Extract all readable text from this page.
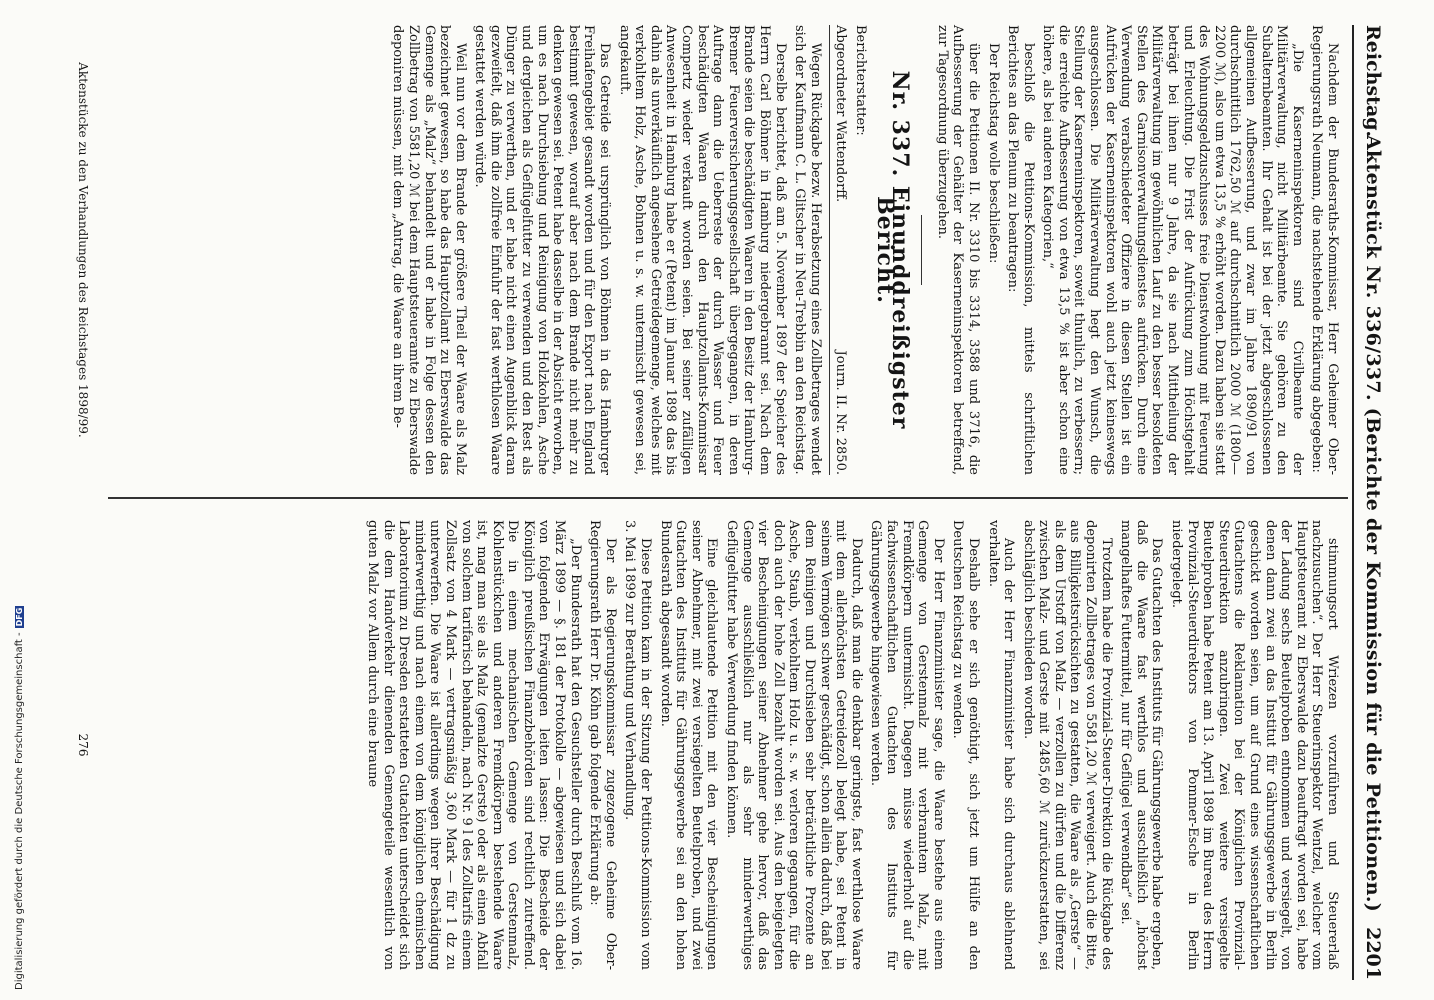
Reichstag.
Aktenstück Nr. 336/337. (Berichte der Kommission für die Petitionen.)
2201

Nachdem der Bundesraths-Kommissar, Herr Geheimer Ober-Regierungsrath Neumann, die nachstehende Erklärung abgegeben:

„Die Kaserneninspektoren sind Civilbeamte der Militärverwaltung, nicht Militärbeamte. Sie gehören zu den Subalternbeamten. Ihr Gehalt ist bei der jetzt abgeschlossenen allgemeinen Aufbesserung, und zwar im Jahre 1890/91 von durchschnittlich 1762,50 ℳ auf durchschnittlich 2000 ℳ (1800—2200 ℳ), also um etwa 13,5 % erhöht worden. Dazu haben sie statt des Wohnungsgeldzuschusses freie Dienstwohnung mit Feuerung und Erleuchtung. Die Frist der Aufrückung zum Höchstgehalt beträgt bei ihnen nur 9 Jahre, da sie nach Mittheilung der Militärverwaltung im gewöhnlichen Lauf zu den besser besoldeten Stellen des Garnisonverwaltungsdienstes aufrücken. Durch eine Verwendung verabschiedeter Offiziere in diesen Stellen ist ein Aufrücken der Kaserneninspektoren wohl auch jetzt keineswegs ausgeschlossen. Die Militärverwaltung hegt den Wunsch, die Stellung der Kaserneninspektoren, soweit thunlich, zu verbessern; die erreichte Aufbesserung von etwa 13,5 % ist aber schon eine höhere, als bei anderen Kategorien,“

beschloß die Petitions-Kommission, mittels schriftlichen Berichtes an das Plenum zu beantragen:

Der Reichstag wolle beschließen:

über die Petitionen II. Nr. 3310 bis 3314, 3588 und 3716, die Aufbesserung der Gehälter der Kaserneninspektoren betreffend, zur Tagesordnung überzugehen.

Nr. 337. Einunddreißigster Bericht.

Berichterstatter:

Abgeordneter Wattendorff.
Journ. II. Nr. 2850.

Wegen Rückgabe bezw. Herabsetzung eines Zollbetrages wendet sich der Kaufmann C. L. Glitscher in Neu-Trebbin an den Reichstag.

Derselbe berichtet, daß am 5. November 1897 der Speicher des Herrn Carl Böhmer in Hamburg niedergebrannt sei. Nach dem Brande seien die beschädigten Waaren in den Besitz der Hamburg-Bremer Feuerversicherungsgesellschaft übergegangen, in deren Auftrage dann die Ueberreste der durch Wasser und Feuer beschädigten Waaren durch den Hauptzollamts-Kommissar Compertz wieder verkauft worden seien. Bei seiner zufälligen Anwesenheit in Hamburg habe er (Petent) im Januar 1898 das bis dahin als unverkäuflich angesehene Getreidegemenge, welches mit verkohltem Holz, Asche, Bohnen u. s. w. untermischt gewesen sei, angekauft.

Das Getreide sei ursprünglich von Böhmen in das Hamburger Freihafengebiet gesandt worden und für den Export nach England bestimmt gewesen, worauf aber nach dem Brande nicht mehr zu denken gewesen sei. Petent habe dasselbe in der Absicht erworben, um es nach Durchsiebung und Reinigung von Holzkohlen, Asche und dergleichen als Geflügelfutter zu verwenden und den Rest als Dünger zu verwerthen, und er habe nicht einen Augenblick daran gezweifelt, daß ihm die zollfreie Einfuhr der fast werthlosen Waare gestattet werden würde.

Weil nun vor dem Brande der größere Theil der Waare als Malz bezeichnet gewesen, so habe das Hauptzollamt zu Eberswalde das Gemenge als „Malz“ behandelt und er habe in Folge dessen den Zollbetrag von 5581,20 ℳ bei dem Hauptsteueramte zu Eberswalde deponiren müssen, mit dem „Antrag, die Waare an ihrem Be-

Aktenstücke zu den Verhandlungen des Reichstages 1898/99.

stimmungsort Wriezen vorzuführen und Steuererlaß nachzusuchen“. Der Herr Steuerinspektor Wentzel, welcher vom Hauptsteueramt zu Eberswalde dazu beauftragt worden sei, habe der Ladung sechs Beutelproben entnommen und versiegelt, von denen dann zwei an das Institut für Gährungsgewerbe in Berlin geschickt worden seien, um auf Grund eines wissenschaftlichen Gutachtens die Reklamation bei der Königlichen Provinzial-Steuerdirektion anzubringen. Zwei weitere versiegelte Beutelproben habe Petent am 13. April 1898 im Bureau des Herrn Provinzial-Steuerdirektors von Pommer-Esche in Berlin niedergelegt.

Das Gutachten des Instituts für Gährungsgewerbe habe ergeben, daß die Waare fast werthlos und ausschließlich „höchst mangelhaftes Futtermittel, nur für Geflügel verwendbar“ sei.

Trotzdem habe die Provinzial-Steuer-Direktion die Rückgabe des deponirten Zollbetrages von 5581,20 ℳ verweigert. Auch die Bitte, aus Billigkeitsrücksichten zu gestatten, die Waare als „Gerste“ — als dem Urstoff von Malz — verzollen zu dürfen und die Differenz zwischen Malz- und Gerste mit 2485,60 ℳ zurückzuerstatten, sei abschläglich beschieden worden.

Auch der Herr Finanzminister habe sich durchaus ablehnend verhalten.

Deshalb sehe er sich genöthigt, sich jetzt um Hülfe an den Deutschen Reichstag zu wenden.

Der Herr Finanzminister sage, die Waare bestehe aus einem Gemenge von Gerstenmalz mit verbranntem Malz, mit Fremdkörpern untermischt. Dagegen müsse wiederholt auf die fachwissenschaftlichen Gutachten des Instituts für Gährungsgewerbe hingewiesen werden.

Dadurch, daß man die denkbar geringste, fast werthlose Waare mit dem allerhöchsten Getreidezoll belegt habe, sei Petent in seinem Vermögen schwer geschädigt, schon allein dadurch, daß bei dem Reinigen und Durchsieben sehr beträchtliche Prozente an Asche, Staub, verkohltem Holz u. s. w. verloren gegangen, für die doch auch der hohe Zoll bezahlt worden sei. Aus den beigelegten vier Bescheinigungen seiner Abnehmer gehe hervor, daß das Gemenge ausschließlich nur als sehr minderwerthiges Geflügelfutter habe Verwendung finden können.

Eine gleichlautende Petition mit den vier Bescheinigungen seiner Abnehmer, mit zwei versiegelten Beutelproben, und zwei Gutachten des Instituts für Gährungsgewerbe sei an den hohen Bundesrath abgesandt worden.

Diese Petition kam in der Sitzung der Petitions-Kommission vom 3. Mai 1899 zur Berathung und Verhandlung.

Der als Regierungskommissar zugezogene Geheime Ober-Regierungsrath Herr Dr. Köhn gab folgende Erklärung ab:

„Der Bundesrath hat den Gesuchsteller durch Beschluß vom 16. März 1899 — §. 181 der Protokolle — abgewiesen und sich dabei von folgenden Erwägungen leiten lassen: Die Bescheide der Königlich preußischen Finanzbehörden sind rechtlich zutreffend. Die in einem mechanischen Gemenge von Gerstenmalz, Kohlenstückchen und anderen Fremdkörpern bestehende Waare ist, mag man sie als Malz (gemalzte Gerste) oder als einen Abfall von solchem tarifarisch behandeln, nach Nr. 9 l des Zolltarifs einem Zollsatz von 4 Mark — vertragsmäßig 3,60 Mark — für 1 dz zu unterwerfen. Die Waare ist allerdings wegen ihrer Beschädigung minderwerthig und nach einem von dem königlichen chemischen Laboratorium zu Dresden erstatteten Gutachten unterscheidet sich die dem Handverkehr dienenden Gemengeteile wesentlich von guten Malz vor Allem durch eine braune

276
Digitalisierung gefördert durch die Deutsche Forschungsgemeinschaft -DFG
